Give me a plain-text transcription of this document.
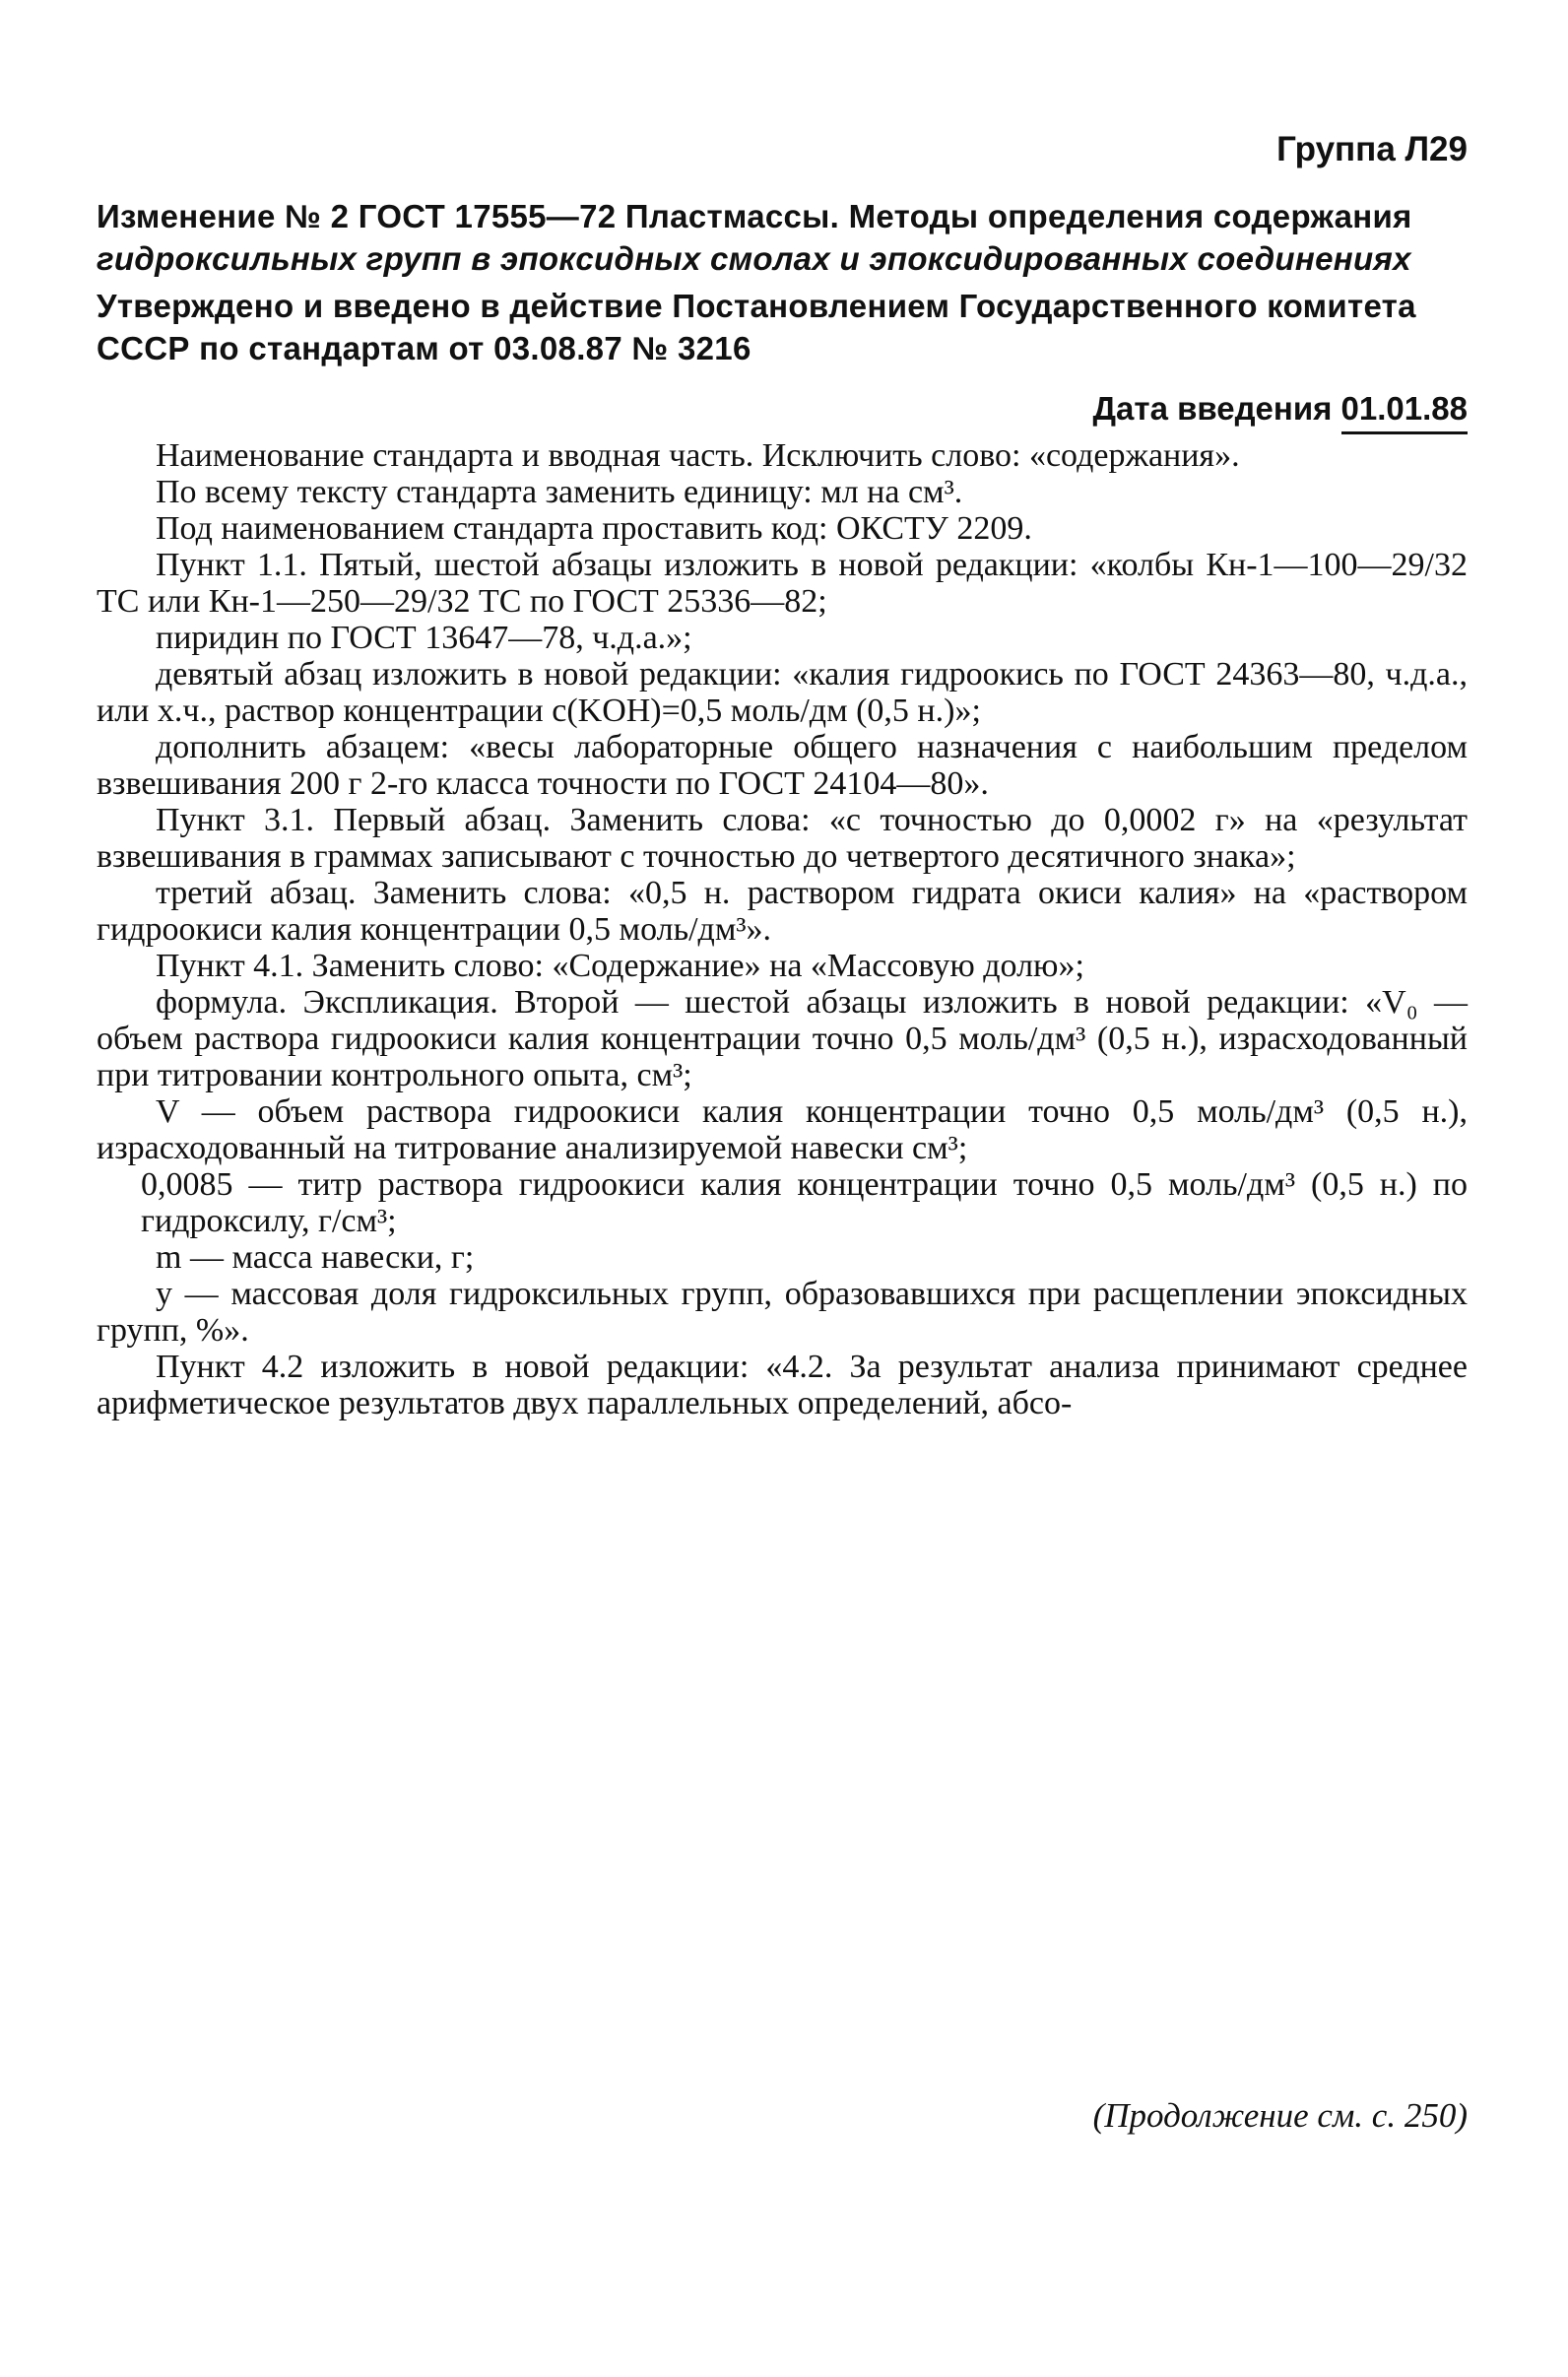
Группа Л29
Изменение № 2 ГОСТ 17555—72 Пластмассы. Методы определения содержания
гидроксильных групп в эпоксидных смолах и эпоксидированных соединениях
Утверждено и введено в действие Постановлением Государственного комитета СССР по стандартам от 03.08.87 № 3216
Дата введения 01.01.88

Наименование стандарта и вводная часть. Исключить слово: «содержания».

По всему тексту стандарта заменить единицу: мл на см³.

Под наименованием стандарта проставить код: ОКСТУ 2209.

Пункт 1.1. Пятый, шестой абзацы изложить в новой редакции: «колбы Кн-1—100—29/32 ТС или Кн-1—250—29/32 ТС по ГОСТ 25336—82;

пиридин по ГОСТ 13647—78, ч.д.а.»;

девятый абзац изложить в новой редакции: «калия гидроокись по ГОСТ 24363—80, ч.д.а., или х.ч., раствор концентрации c(KOH)=0,5 моль/дм (0,5 н.)»;

дополнить абзацем: «весы лабораторные общего назначения с наибольшим пределом взвешивания 200 г 2-го класса точности по ГОСТ 24104—80».

Пункт 3.1. Первый абзац. Заменить слова: «с точностью до 0,0002 г» на «результат взвешивания в граммах записывают с точностью до четвертого десятичного знака»;

третий абзац. Заменить слова: «0,5 н. раствором гидрата окиси калия» на «раствором гидроокиси калия концентрации 0,5 моль/дм³».

Пункт 4.1. Заменить слово: «Содержание» на «Массовую долю»;

формула. Экспликация. Второй — шестой абзацы изложить в новой редакции: «V₀ — объем раствора гидроокиси калия концентрации точно 0,5 моль/дм³ (0,5 н.), израсходованный при титровании контрольного опыта, см³;

V — объем раствора гидроокиси калия концентрации точно 0,5 моль/дм³ (0,5 н.), израсходованный на титрование анализируемой навески см³;

0,0085 — титр раствора гидроокиси калия концентрации точно 0,5 моль/дм³ (0,5 н.) по гидроксилу, г/см³;

m — масса навески, г;

y — массовая доля гидроксильных групп, образовавшихся при расщеплении эпоксидных групп, %».

Пункт 4.2 изложить в новой редакции: «4.2. За результат анализа принимают среднее арифметическое результатов двух параллельных определений, абсо-

(Продолжение см. с. 250)
